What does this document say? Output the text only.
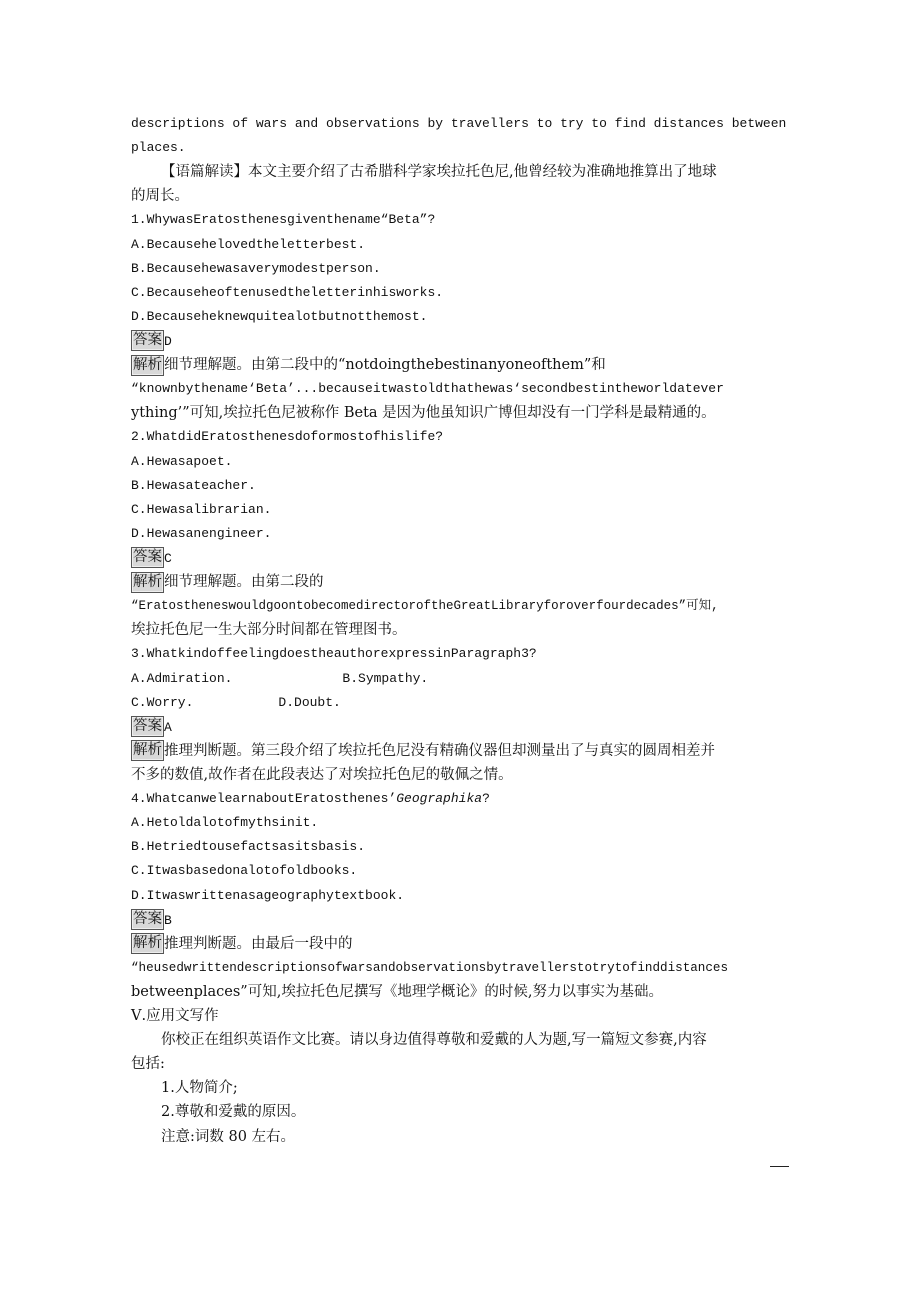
descriptions of wars and observations by travellers to try to find distances between
places.
【语篇解读】本文主要介绍了古希腊科学家埃拉托色尼,他曾经较为准确地推算出了地球
的周长。
1.WhywasEratosthenesgiventhename“Beta”?
A.Becausehelovedtheletterbest.
B.Becausehewasaverymodestperson.
C.Becauseheoftenusedtheletterinhisworks.
D.Becauseheknewquitealotbutnotthemost.
答案 D
解析 细节理解题。由第二段中的“notdoingthebestinanyoneofthem”和
“knownbythename‘Beta’...becauseitwastoldthathewas‘secondbestintheworldatever
ything’”可知,埃拉托色尼被称作 Beta 是因为他虽知识广博但却没有一门学科是最精通的。
2.WhatdidEratosthenesdoformostofhislife?
A.Hewasapoet.
B.Hewasateacher.
C.Hewasalibrarian.
D.Hewasanengineer.
答案 C
解析 细节理解题。由第二段的
“EratostheneswouldgoontobecomedirectoroftheGreatLibraryforoverfourdecades”可知,
埃拉托色尼一生大部分时间都在管理图书。
3.WhatkindoffeelingdoestheauthorexpressinParagraph3?
A.Admiration.	B.Sympathy.
C.Worry.	D.Doubt.
答案 A
解析 推理判断题。第三段介绍了埃拉托色尼没有精确仪器但却测量出了与真实的圆周相差并
不多的数值,故作者在此段表达了对埃拉托色尼的敬佩之情。
4.WhatcanwelearnaboutEratosthenes’Geographika?
A.Hetoldalotofmythsinit.
B.Hetriedtousefactsasitsbasis.
C.Itwasbasedonalotofoldbooks.
D.Itwaswrittenasageographytextbook.
答案 B
解析 推理判断题。由最后一段中的
“heusedwrittendescriptionsofwarsandobservationsbytravellerstotrytofinddistances
betweenplaces”可知,埃拉托色尼撰写《地理学概论》的时候,努力以事实为基础。
Ⅴ.应用文写作
你校正在组织英语作文比赛。请以身边值得尊敬和爱戴的人为题,写一篇短文参赛,内容
包括:
1.人物简介;
2.尊敬和爱戴的原因。
注意:词数 80 左右。
